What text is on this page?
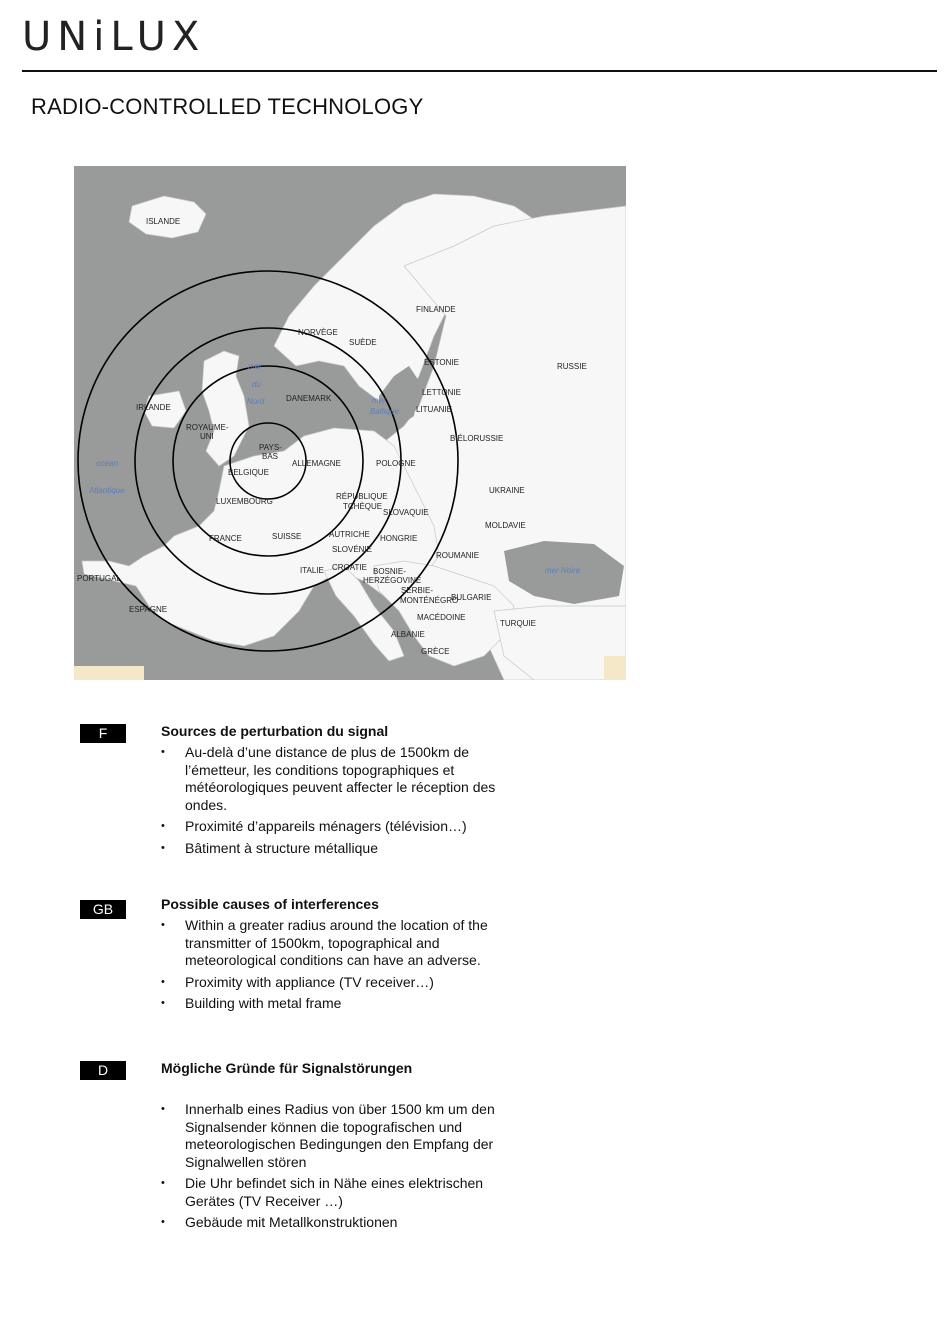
UNiLUX
RADIO-CONTROLLED TECHNOLOGY
ISLANDE
FINLANDE
NORVÈGE
SUÈDE
RUSSIE
ESTONIE
LETTONIE
LITUANIE
IRLANDE
ROYAUME-
UNI
DANEMARK
BIÉLORUSSIE
PAYS-
BAS
BELGIQUE
ALLEMAGNE	POLOGNE
UKRAINE
LUXEMBOURG
RÉPUBLIQUE
TCHÈQUE
SLOVAQUIE
MOLDAVIE
FRANCE	SUISSE	AUTRICHE HONGRIE
SLOVÉNIE
ROUMANIE
PORTUGAL
ITALIE CROATIE BOSNIE-
HERZÉGOVINE
SERBIE-
MONTÉNÉGRO
BULGARIE
ESPAGNE
MACÉDOINE
TURQUIE
ALBANIE
GRÈCE
mer
du
Nord
océan
Atlantique
mer
Baltique
mer Noire
F	Sources de perturbation du signal
•	Au-delà d’une distance de plus de 1500km de l’émetteur, les conditions topographiques et météorologiques peuvent affecter le réception des ondes.
•	Proximité d’appareils ménagers (télévision…)
•	Bâtiment à structure métallique
GB	Possible causes of interferences
•	Within a greater radius around the location of the transmitter of 1500km, topographical and meteorological conditions can have an adverse.
•	Proximity with appliance (TV receiver…)
•	Building with metal frame
D	Mögliche Gründe für Signalstörungen
•	Innerhalb eines Radius von über 1500 km um den Signalsender können die topografischen und meteorologischen Bedingungen den Empfang der Signalwellen stören
•	Die Uhr befindet sich in Nähe eines elektrischen Gerätes (TV Receiver …)
•	Gebäude mit Metallkonstruktionen
